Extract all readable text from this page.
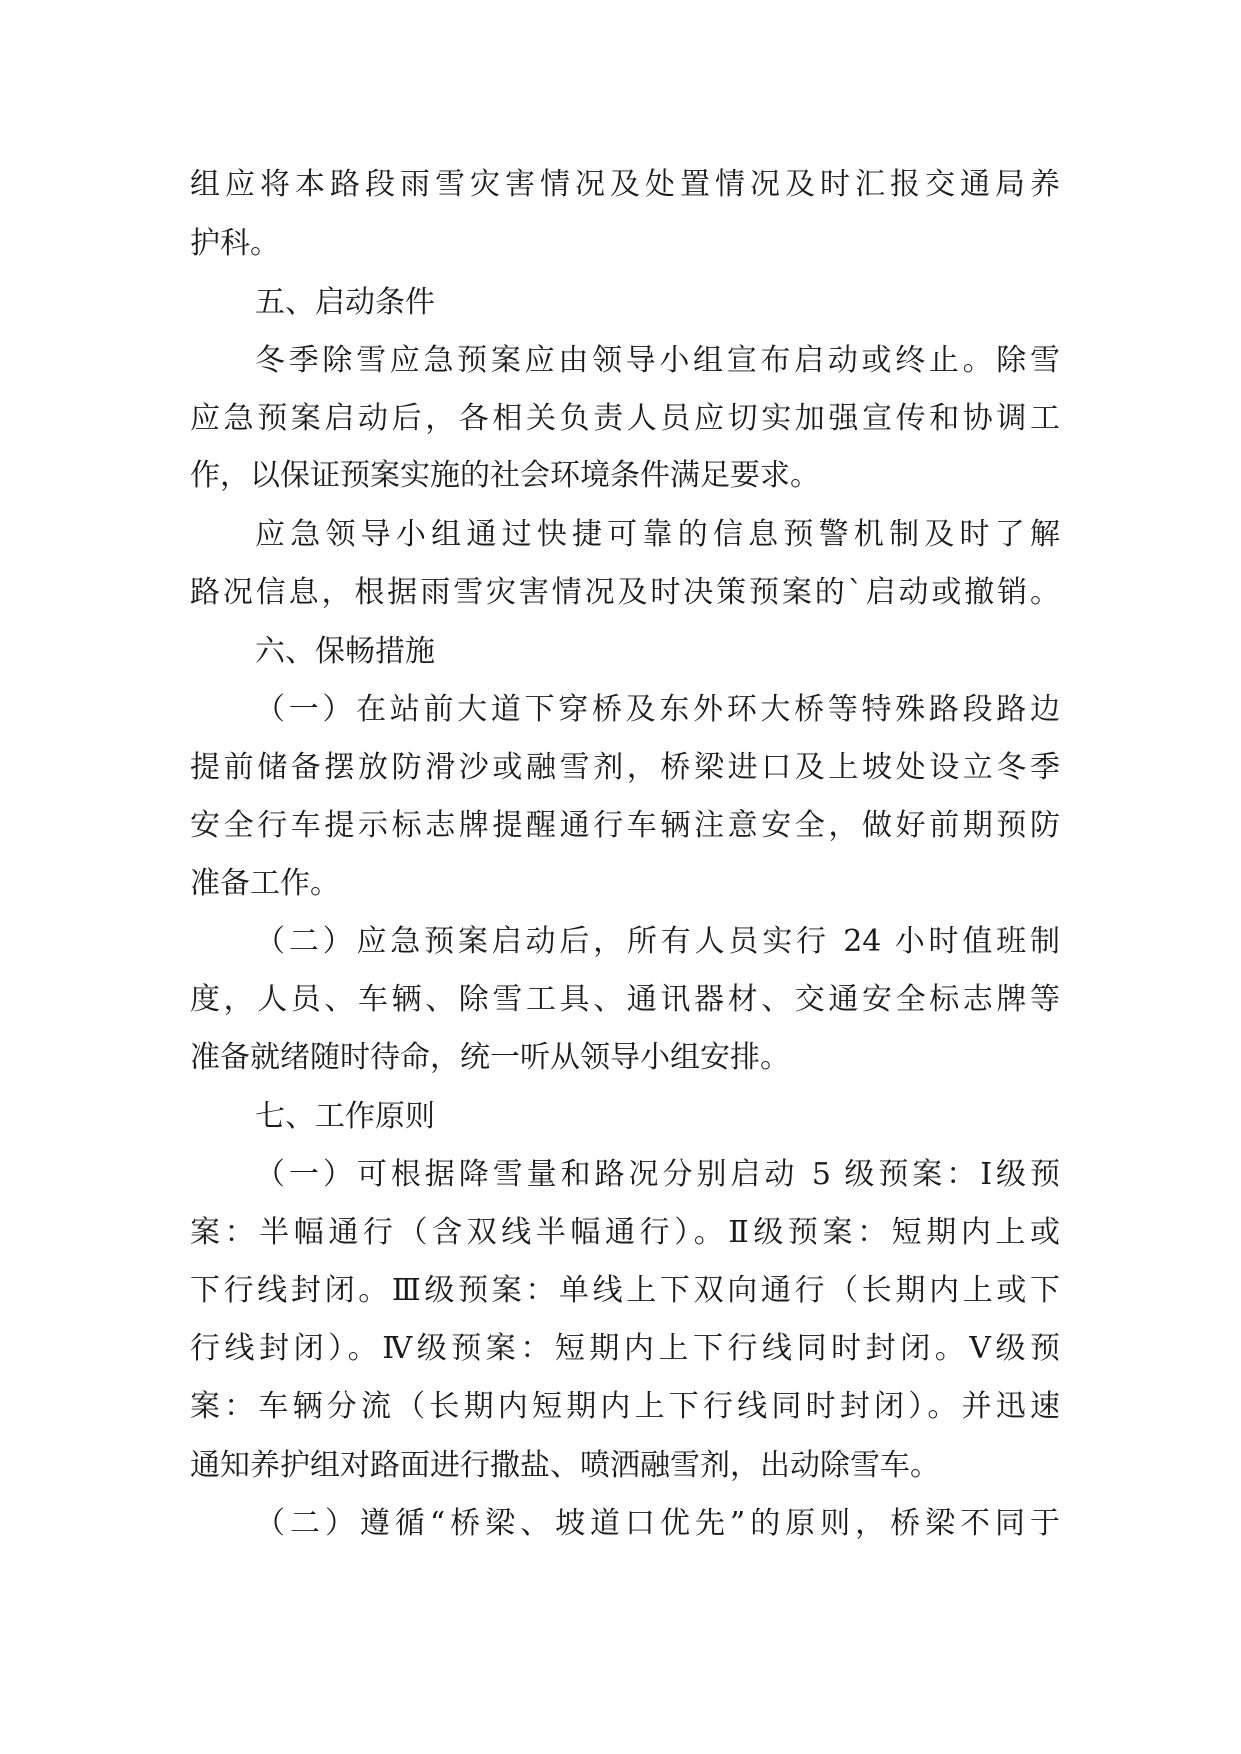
组应将本路段雨雪灾害情况及处置情况及时汇报交通局养
护科。
五、启动条件
冬季除雪应急预案应由领导小组宣布启动或终止。除雪
应急预案启动后，各相关负责人员应切实加强宣传和协调工
作，以保证预案实施的社会环境条件满足要求。
应急领导小组通过快捷可靠的信息预警机制及时了解
路况信息，根据雨雪灾害情况及时决策预案的`启动或撤销。
六、保畅措施
（一）在站前大道下穿桥及东外环大桥等特殊路段路边
提前储备摆放防滑沙或融雪剂，桥梁进口及上坡处设立冬季
安全行车提示标志牌提醒通行车辆注意安全，做好前期预防
准备工作。
（二）应急预案启动后，所有人员实行 24 小时值班制
度，人员、车辆、除雪工具、通讯器材、交通安全标志牌等
准备就绪随时待命，统一听从领导小组安排。
七、工作原则
（一）可根据降雪量和路况分别启动 5 级预案：Ⅰ级预
案：半幅通行（含双线半幅通行）。Ⅱ级预案：短期内上或
下行线封闭。Ⅲ级预案：单线上下双向通行（长期内上或下
行线封闭）。Ⅳ级预案：短期内上下行线同时封闭。Ⅴ级预
案：车辆分流（长期内短期内上下行线同时封闭）。并迅速
通知养护组对路面进行撒盐、喷洒融雪剂，出动除雪车。
（二）遵循“桥梁、坡道口优先”的原则，桥梁不同于
